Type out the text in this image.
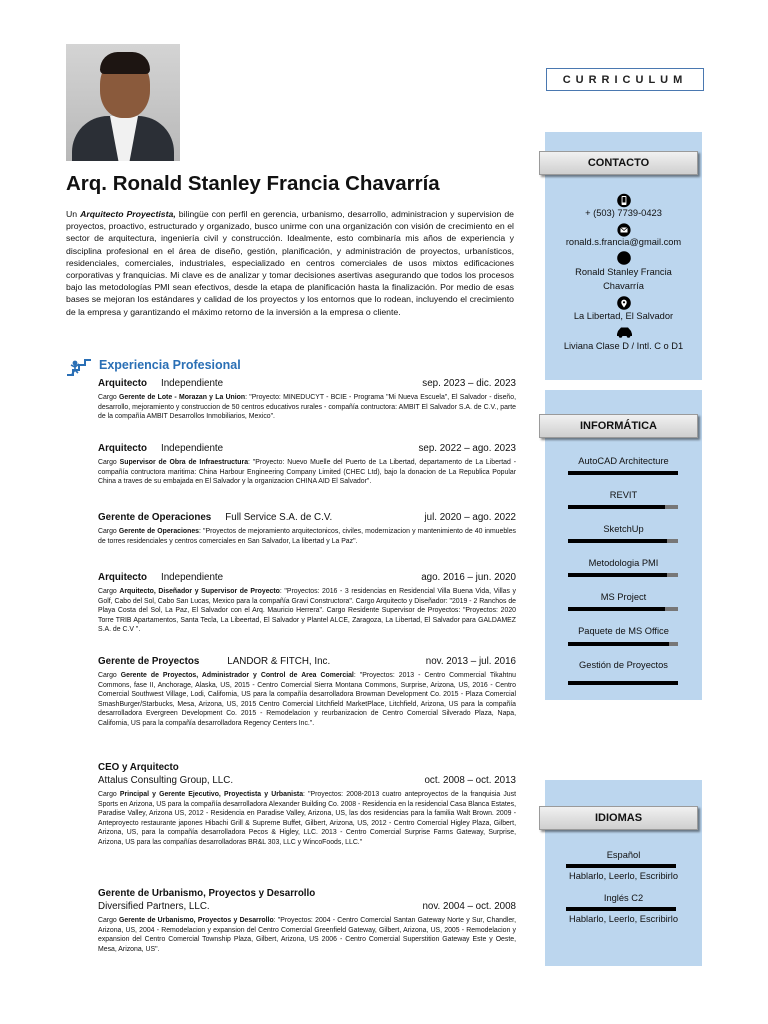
CURRICULUM
Arq. Ronald Stanley Francia Chavarría

Un Arquitecto Proyectista, bilingüe con perfil en gerencia, urbanismo, desarrollo, administracion y supervision de proyectos, proactivo, estructurado y organizado, busco unirme con una organización con visión de crecimiento en el sector de arquitectura, ingeniería civil y construcción. Idealmente, esto combinaría mis años de experiencia y disciplina profesional en el área de diseño, gestión, planificación, y administración de proyectos, urbanísticos, residenciales, comerciales, industriales, especializado en centros comerciales de usos mixtos edificaciones corporativas y franquicias. Mi clave es de analizar y tomar decisiones asertivas asegurando que todos los procesos bajo las metodologías PMI sean efectivos, desde la etapa de planificación hasta la finalización. Por medio de esas bases se mejoran los estándares y calidad de los proyectos y los entornos que lo rodean, incluyendo el crecimiento de la empresa y garantizando el máximo retorno de la inversión a la empresa o cliente.

Experiencia Profesional
Arquitecto Independiente	sep. 2023 – dic. 2023

Cargo Gerente de Lote - Morazan y La Union: "Proyecto: MINEDUCYT - BCIE - Programa "Mi Nueva Escuela", El Salvador - diseño, desarrollo, mejoramiento y construccion de 50 centros educativos rurales - compañía contructora: AMBIT El Salvador S.A. de C.V., parte de la compañía AMBIT Desarrollos Inmobiliarios, Mexico".

Arquitecto Independiente	sep. 2022 – ago. 2023

Cargo Supervisor de Obra de Infraestructura: "Proyecto: Nuevo Muelle del Puerto de La Libertad, departamento de La Libertad - compañía contructora maritima: China Harbour Engineering Company Limited (CHEC Ltd), bajo la donacion de La Republica Popular China a traves de su embajada en El Salvador y la organizacion CHINA AID El Salvador".

Gerente de Operaciones Full Service S.A. de C.V.	jul. 2020 – ago. 2022

Cargo Gerente de Operaciones: "Proyectos de mejoramiento arquitectonicos, civiles, modernizacion y mantenimiento de 40 inmuebles de torres residenciales y centros comerciales en San Salvador, La libertad y La Paz".

Arquitecto Independiente	ago. 2016 – jun. 2020

Cargo Arquitecto, Diseñador y Supervisor de Proyecto: "Proyectos: 2016 - 3 residencias en Residencial Villa Buena Vida, Villas y Golf, Cabo del Sol, Cabo San Lucas, Mexico para la compañía Gravi Constructora". Cargo Arquitecto y Diseñador: "2019 - 2 Ranchos de Playa Costa del Sol, La Paz, El Salvador con el Arq. Mauricio Herrera". Cargo Residente Supervisor de Proyectos: "Proyectos: 2020 Torre TRIB Apartamentos, Santa Tecla, La Libeertad, El Salvador y Plantel ALCE, Zaragoza, La Libertad, El Salvador para GALDAMEZ S.A. de C.V ".

Gerente de Proyectos	LANDOR & FITCH, Inc.	nov. 2013 – jul. 2016

Cargo Gerente de Proyectos, Administrador y Control de Area Comercial: "Proyectos: 2013 - Centro Commercial Tikahtnu Commons, fase II, Anchorage, Alaska, US, 2015 - Centro Comercial Sierra Montana Commons, Surprise, Arizona, US, 2016 - Centro Comercial Southwest Village, Lodi, California, US para la compañía desarrolladora Browman Development Co. 2015 - Plaza Comercial SmashBurger/Starbucks, Mesa, Arizona, US, 2015 Centro Comercial Litchfield MarketPlace, Litchfield, Arizona, US para la compañía desarrolladora Evergreen Development Co. 2015 - Remodelacion y reurbanizacion de Centro Comercial Silverado Plaza, Napa, California, US para la compañía desarrolladora Regency Centers Inc.".

CEO y Arquitecto
Attalus Consulting Group, LLC.	oct. 2008 – oct. 2013

Cargo Principal y Gerente Ejecutivo, Proyectista y Urbanista: "Proyectos: 2008-2013 cuatro anteproyectos de la franquisia Just Sports en Arizona, US para la compañía desarrolladora Alexander Building Co. 2008 - Residencia en la residencial Casa Blanca Estates, Paradise Valley, Arizona US, 2012 - Residencia en Paradise Valley, Arizona, US, las dos residencias para la familia Walt Brown. 2009 - Anteproyecto restaurante japones Hibachi Grill & Supreme Buffet, Gilbert, Arizona, US, 2012 - Centro Comercial Higley Plaza, Gilbert, Arizona, US, para la compañía desarrolladora Pecos & Higley, LLC. 2013 - Centro Comercial Surprise Farms Gateway, Surprise, Arizona, US para las compañías desarrolladoras BR&L 303, LLC y WincoFoods, LLC."

Gerente de Urbanismo, Proyectos y Desarrollo
Diversified Partners, LLC.	nov. 2004 – oct. 2008

Cargo Gerente de Urbanismo, Proyectos y Desarrollo: "Proyectos: 2004 - Centro Comercial Santan Gateway Norte y Sur, Chandler, Arizona, US, 2004 - Remodelacion y expansion del Centro Comercial Greenfield Gateway, Gilbert, Arizona, US, 2005 - Remodelacion y expansion del Centro Comercial Township Plaza, Gilbert, Arizona, US 2006 - Centro Comercial Superstition Gateway Este y Oeste, Mesa, Arizona, US".

CONTACTO
+ (503) 7739-0423
ronald.s.francia@gmail.com
Ronald Stanley Francia
Chavarría
La Libertad, El Salvador
Liviana Clase D / Intl. C o D1
INFORMÁTICA
AutoCAD Architecture
REVIT
SketchUp
Metodologia PMI
MS Project
Paquete de MS Office
Gestión de Proyectos
IDIOMAS
Español
Hablarlo, Leerlo, Escribirlo
Inglés C2
Hablarlo, Leerlo, Escribirlo
